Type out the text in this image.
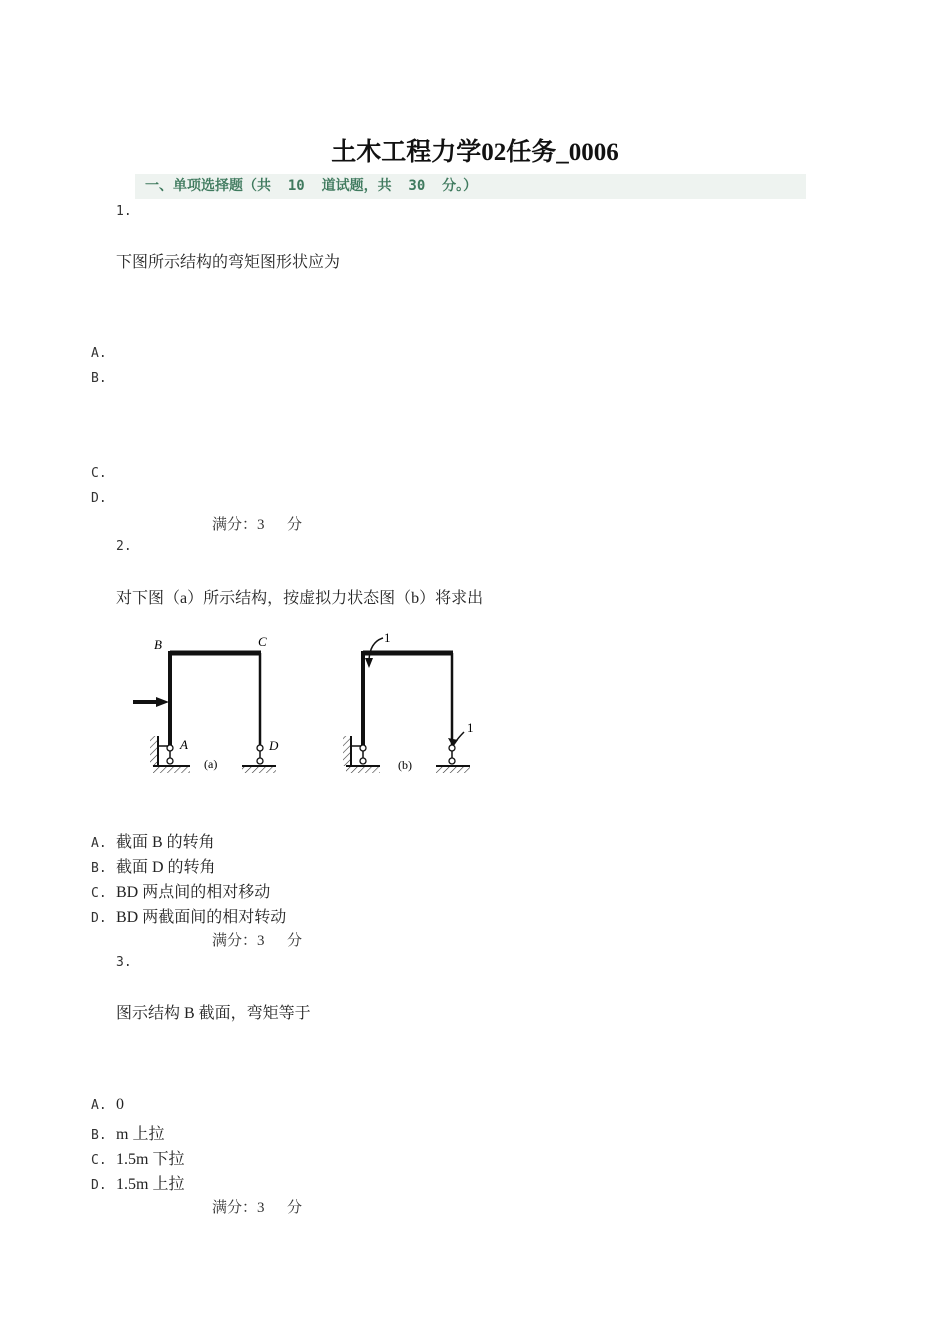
土木工程力学02任务_0006
一、单项选择题（共  10  道试题，共  30  分。）
1.
下图所示结构的弯矩图形状应为
A.
B.
C.
D.
满分：3      分
2.
对下图（a）所示结构，按虚拟力状态图（b）将求出
B	C
A	D
(a)
1
1
(b)
A. 截面 B 的转角
B. 截面 D 的转角
C. BD 两点间的相对移动
D. BD 两截面间的相对转动
满分：3      分
3.
图示结构 B 截面，弯矩等于
A. 0
B. m 上拉
C. 1.5m 下拉
D. 1.5m 上拉
满分：3      分
